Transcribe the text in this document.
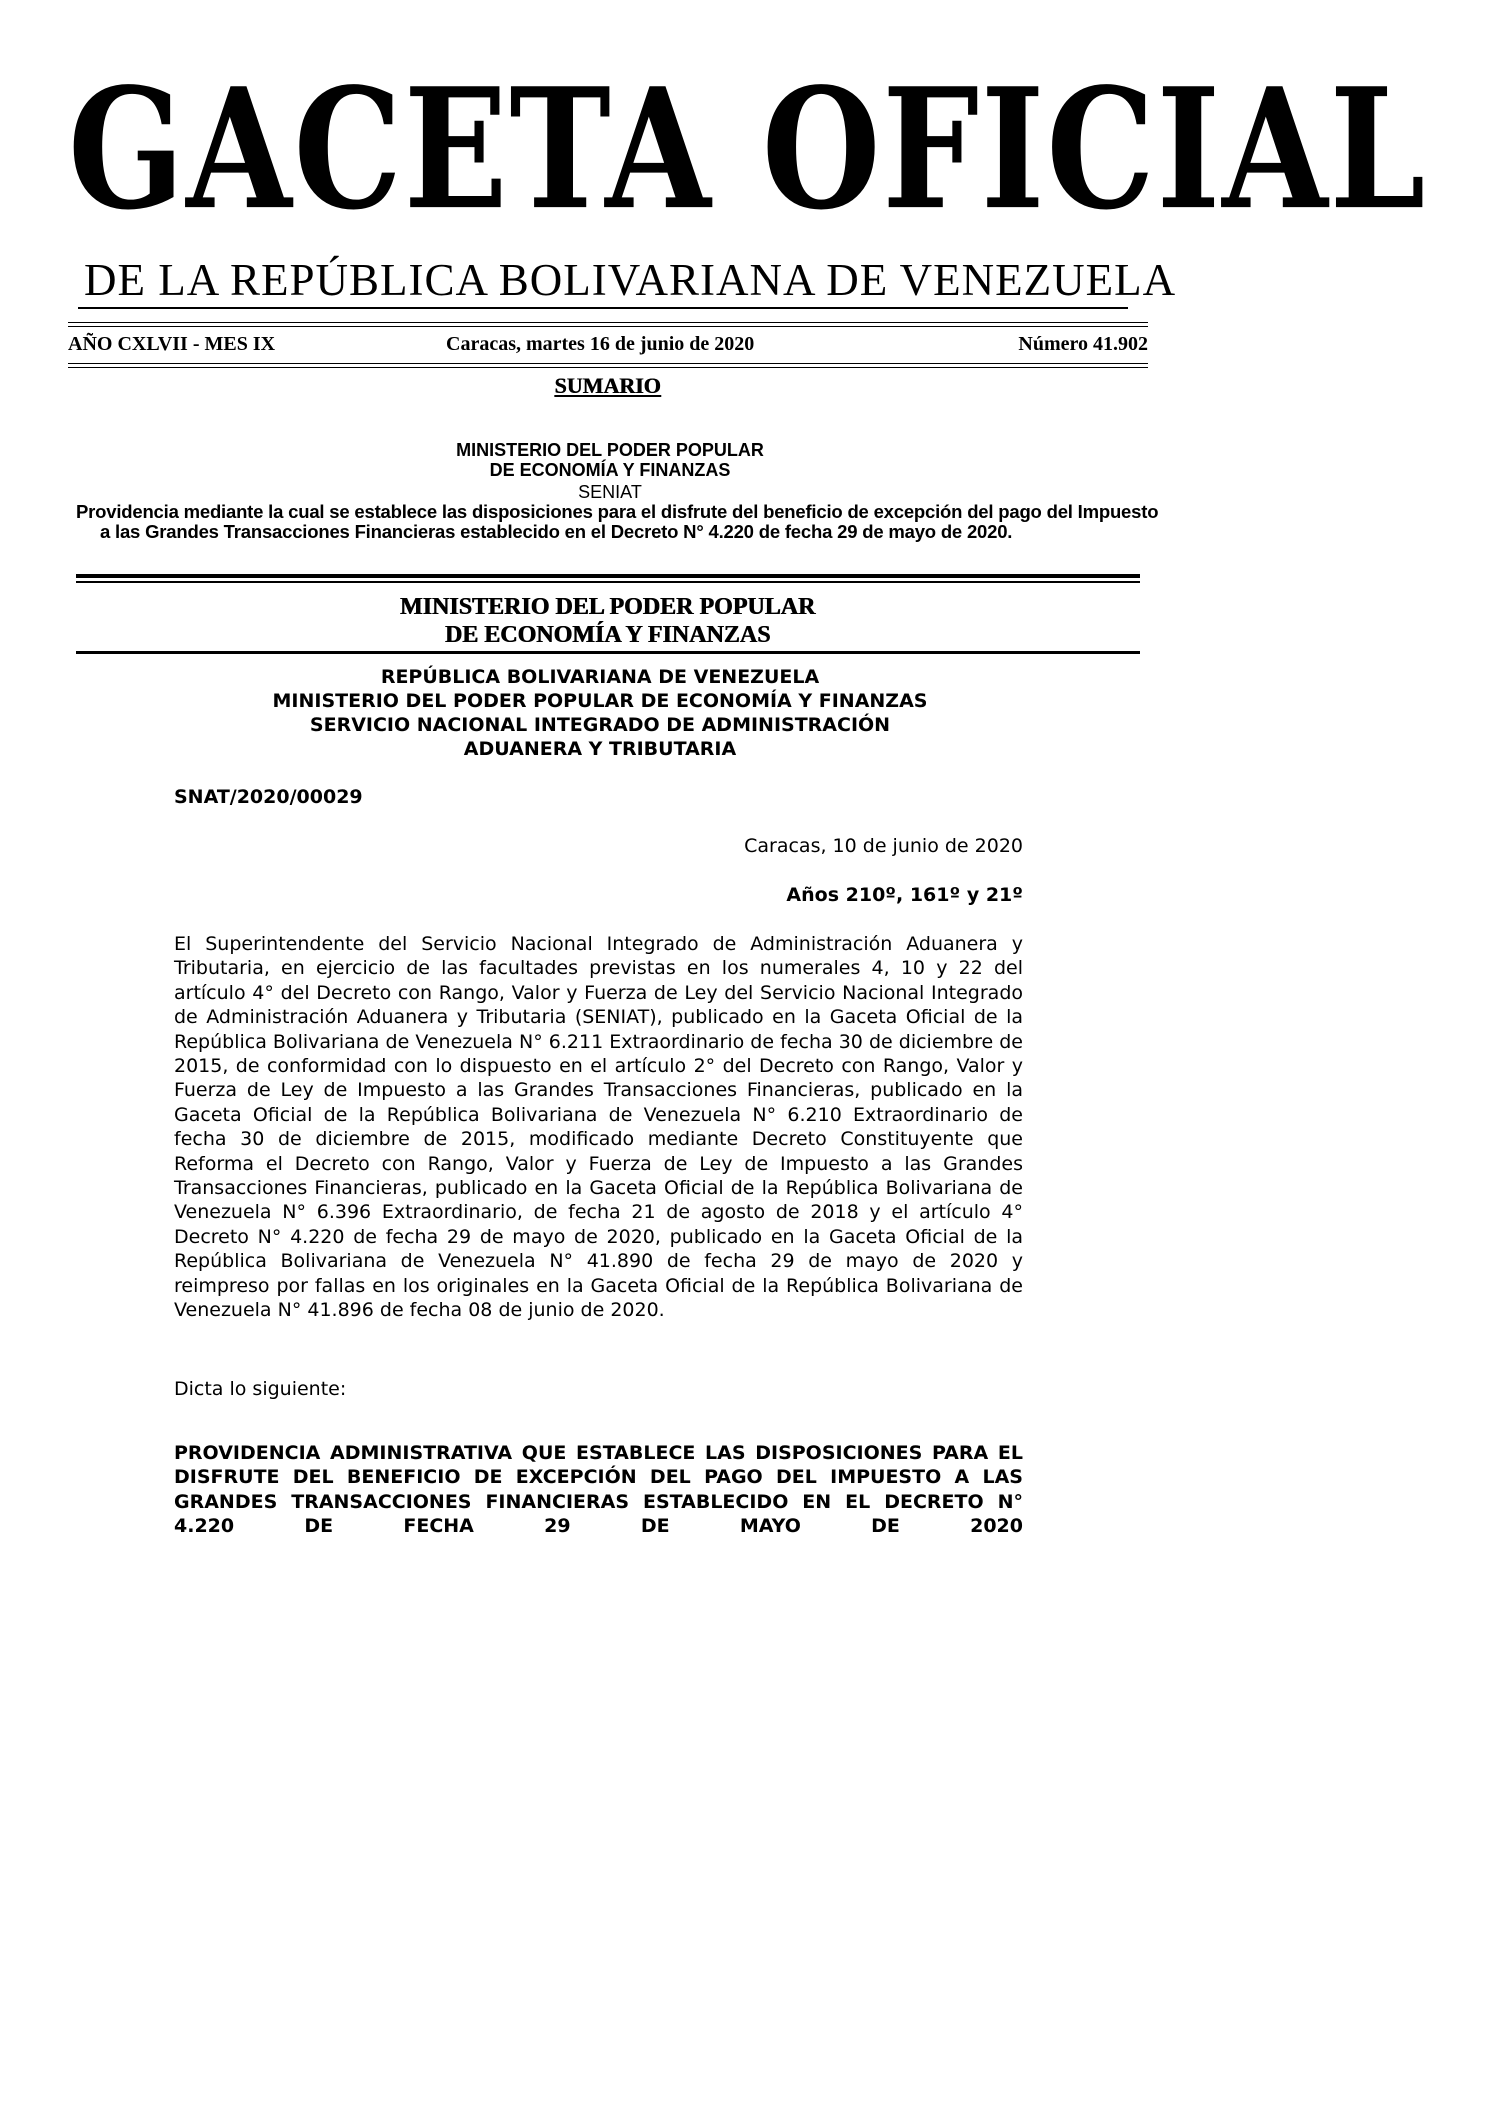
GACETA OFICIAL
DE LA REPÚBLICA BOLIVARIANA DE VENEZUELA
AÑO CXLVII - MES IX	Caracas, martes 16 de junio de 2020	Número 41.902
SUMARIO
MINISTERIO DEL PODER POPULAR
DE ECONOMÍA Y FINANZAS
SENIAT
Providencia mediante la cual se establece las disposiciones para el disfrute del beneficio de excepción del pago del Impuesto a las Grandes Transacciones Financieras establecido en el Decreto N° 4.220 de fecha 29 de mayo de 2020.
MINISTERIO DEL PODER POPULAR
DE ECONOMÍA Y FINANZAS
REPÚBLICA BOLIVARIANA DE VENEZUELA
MINISTERIO DEL PODER POPULAR DE ECONOMÍA Y FINANZAS
SERVICIO NACIONAL INTEGRADO DE ADMINISTRACIÓN
ADUANERA Y TRIBUTARIA
SNAT/2020/00029
Caracas, 10 de junio de 2020
Años 210º, 161º y 21º

El Superintendente del Servicio Nacional Integrado de Administración Aduanera y Tributaria, en ejercicio de las facultades previstas en los numerales 4, 10 y 22 del artículo 4° del Decreto con Rango, Valor y Fuerza de Ley del Servicio Nacional Integrado de Administración Aduanera y Tributaria (SENIAT), publicado en la Gaceta Oficial de la República Bolivariana de Venezuela N° 6.211 Extraordinario de fecha 30 de diciembre de 2015, de conformidad con lo dispuesto en el artículo 2° del Decreto con Rango, Valor y Fuerza de Ley de Impuesto a las Grandes Transacciones Financieras, publicado en la Gaceta Oficial de la República Bolivariana de Venezuela N° 6.210 Extraordinario de fecha 30 de diciembre de 2015, modificado mediante Decreto Constituyente que Reforma el Decreto con Rango, Valor y Fuerza de Ley de Impuesto a las Grandes Transacciones Financieras, publicado en la Gaceta Oficial de la República Bolivariana de Venezuela N° 6.396 Extraordinario, de fecha 21 de agosto de 2018 y el artículo 4° Decreto N° 4.220 de fecha 29 de mayo de 2020, publicado en la Gaceta Oficial de la República Bolivariana de Venezuela N° 41.890 de fecha 29 de mayo de 2020 y reimpreso por fallas en los originales en la Gaceta Oficial de la República Bolivariana de Venezuela N° 41.896 de fecha 08 de junio de 2020.

Dicta lo siguiente:

PROVIDENCIA ADMINISTRATIVA QUE ESTABLECE LAS DISPOSICIONES PARA EL DISFRUTE DEL BENEFICIO DE EXCEPCIÓN DEL PAGO DEL IMPUESTO A LAS GRANDES TRANSACCIONES FINANCIERAS ESTABLECIDO EN EL DECRETO N° 4.220 DE FECHA 29 DE MAYO DE 2020
